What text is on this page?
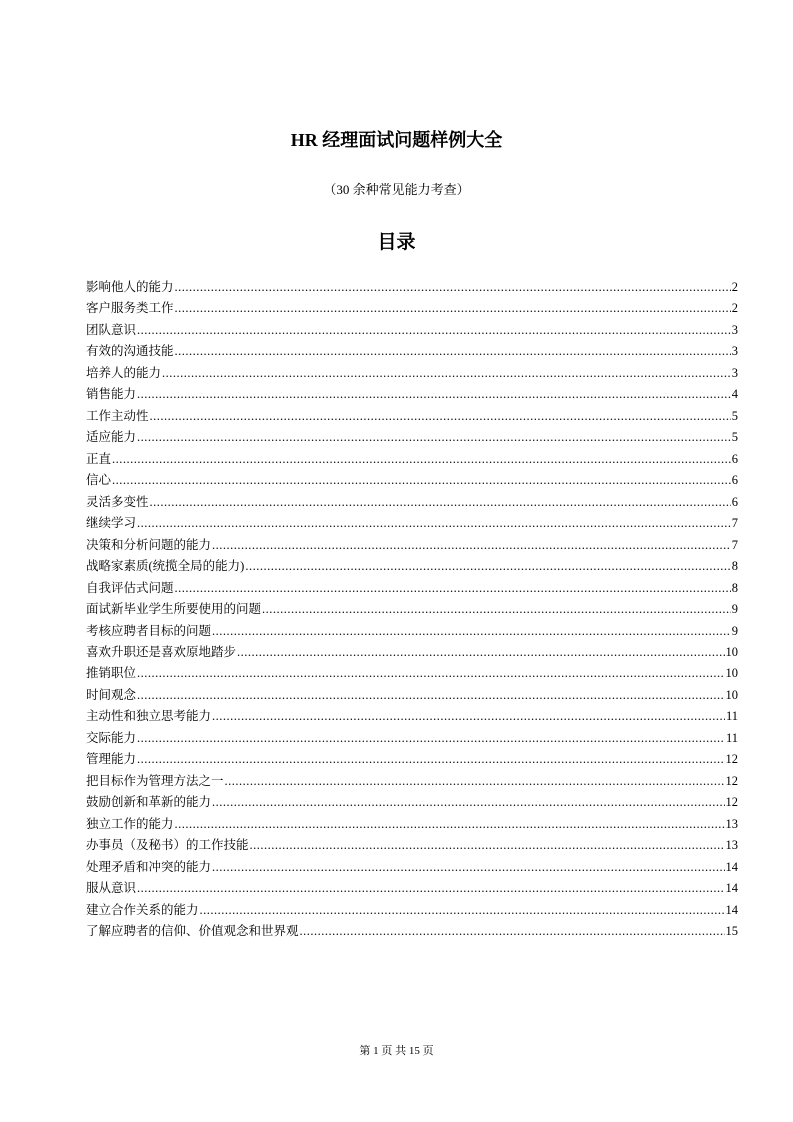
HR 经理面试问题样例大全
（30 余种常见能力考查）
目录
影响他人的能力 .....	2
客户服务类工作 .....	2
团队意识 .....	3
有效的沟通技能 .....	3
培养人的能力 .....	3
销售能力 .....	4
工作主动性 .....	5
适应能力 .....	5
正直 .....	6
信心 .....	6
灵活多变性 .....	6
继续学习 .....	7
决策和分析问题的能力 .....	7
战略家素质(统揽全局的能力) .....	8
自我评估式问题 .....	8
面试新毕业学生所要使用的问题 .....	9
考核应聘者目标的问题 .....	9
喜欢升职还是喜欢原地踏步 .....	10
推销职位 .....	10
时间观念 .....	10
主动性和独立思考能力 .....	11
交际能力 .....	11
管理能力 .....	12
把目标作为管理方法之一 .....	12
鼓励创新和革新的能力 .....	12
独立工作的能力 .....	13
办事员（及秘书）的工作技能 .....	13
处理矛盾和冲突的能力 .....	14
服从意识 .....	14
建立合作关系的能力 .....	14
了解应聘者的信仰、价值观念和世界观 .....	15
第 1 页 共 15 页
